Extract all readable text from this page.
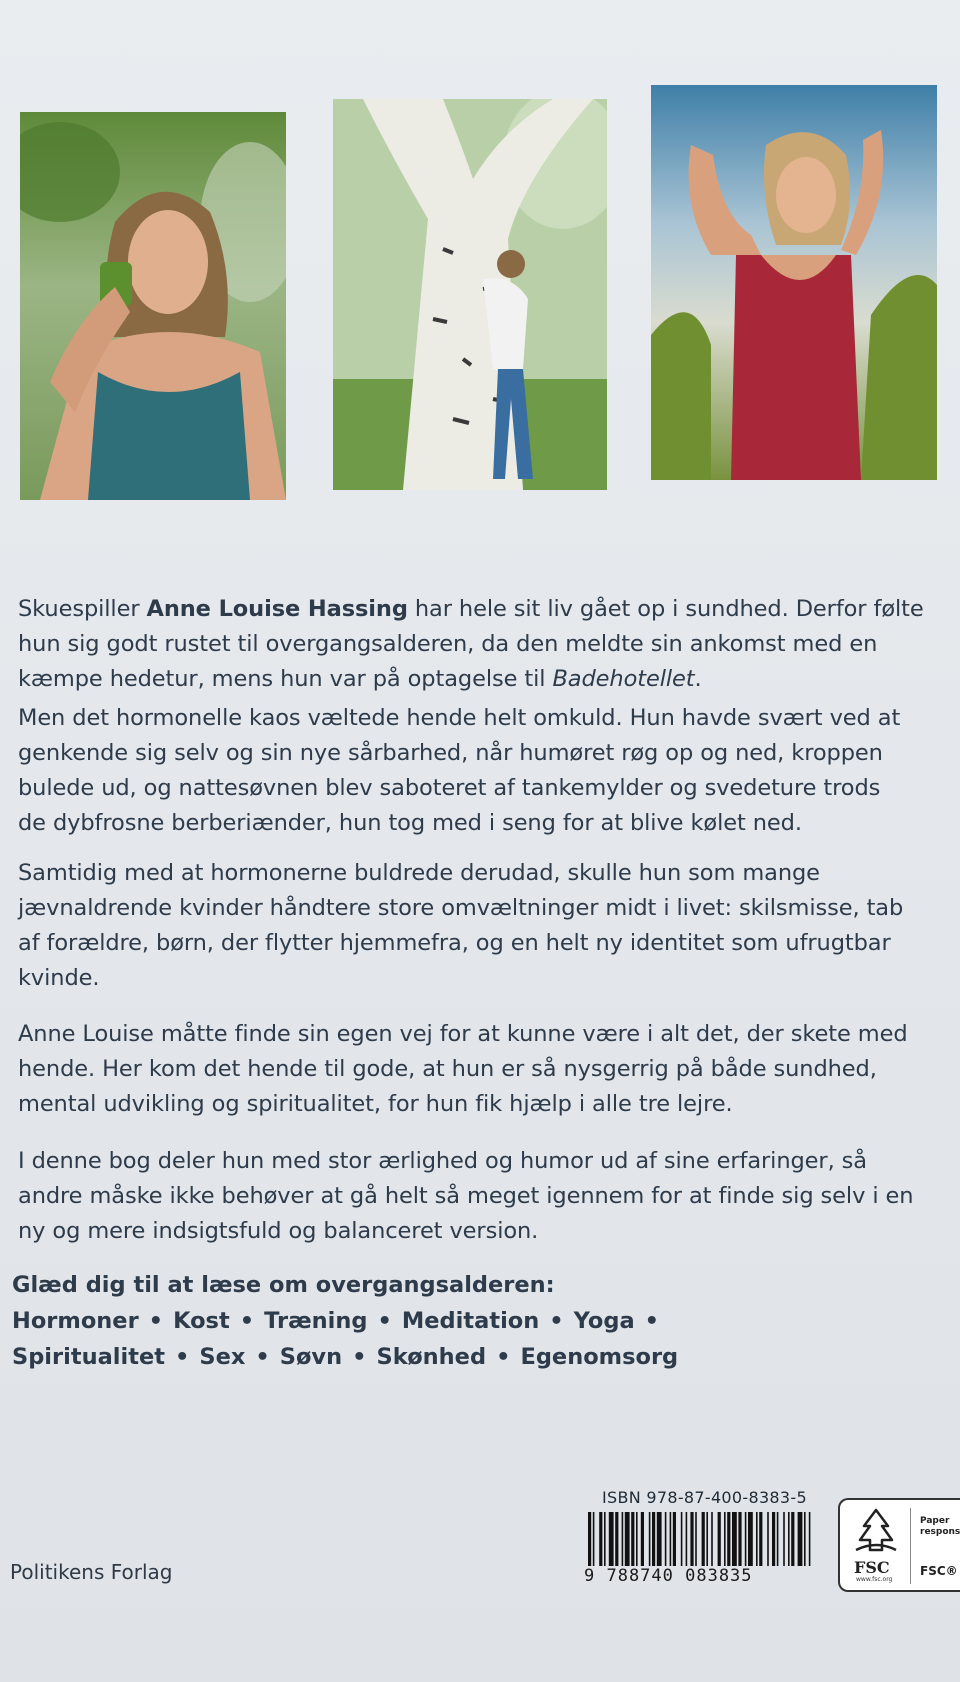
Skuespiller Anne Louise Hassing har hele sit liv gået op i sundhed. Derfor følte

hun sig godt rustet til overgangsalderen, da den meldte sin ankomst med en

kæmpe hedetur, mens hun var på optagelse til Badehotellet.

Men det hormonelle kaos væltede hende helt omkuld. Hun havde svært ved at

genkende sig selv og sin nye sårbarhed, når humøret røg op og ned, kroppen

bulede ud, og nattesøvnen blev saboteret af tankemylder og svedeture trods

de dybfrosne berberiænder, hun tog med i seng for at blive kølet ned.

Samtidig med at hormonerne buldrede derudad, skulle hun som mange

jævnaldrende kvinder håndtere store omvæltninger midt i livet: skilsmisse, tab

af forældre, børn, der flytter hjemmefra, og en helt ny identitet som ufrugtbar

kvinde.

Anne Louise måtte finde sin egen vej for at kunne være i alt det, der skete med

hende. Her kom det hende til gode, at hun er så nysgerrig på både sundhed,

mental udvikling og spiritualitet, for hun fik hjælp i alle tre lejre.

I denne bog deler hun med stor ærlighed og humor ud af sine erfaringer, så

andre måske ikke behøver at gå helt så meget igennem for at finde sig selv i en

ny og mere indsigtsfuld og balanceret version.

Glæd dig til at læse om overgangsalderen:
Hormoner • Kost • Træning • Meditation • Yoga •
Spiritualitet • Sex • Søvn • Skønhed • Egenomsorg
Politikens Forlag
ISBN 978-87-400-8383-5
9 788740 083835	FSC
www.fsc.org
Paper
respons
FSC®
